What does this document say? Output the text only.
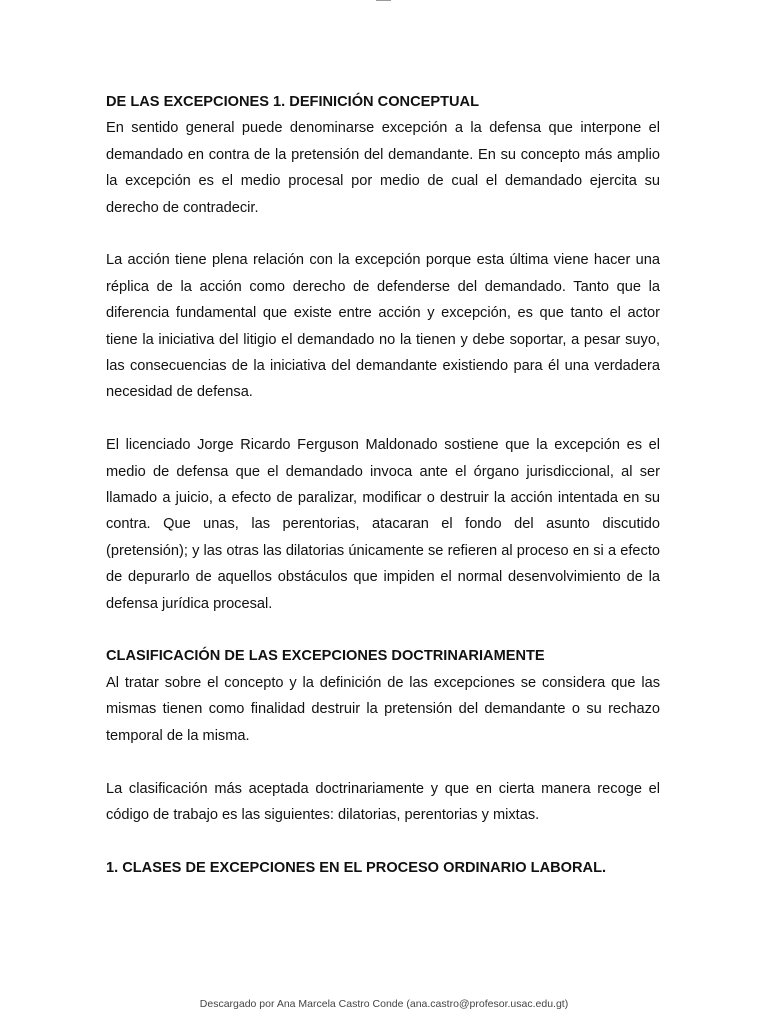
DE LAS EXCEPCIONES 1. DEFINICIÓN CONCEPTUAL

En sentido general puede denominarse excepción a la defensa que interpone el demandado en contra de la pretensión del demandante. En su concepto más amplio la excepción es el medio procesal por medio de cual el demandado ejercita su derecho de contradecir.

La acción tiene plena relación con la excepción porque esta última viene hacer una réplica de la acción como derecho de defenderse del demandado. Tanto que la diferencia fundamental que existe entre acción y excepción, es que tanto el actor tiene la iniciativa del litigio el demandado no la tienen y debe soportar, a pesar suyo, las consecuencias de la iniciativa del demandante existiendo para él una verdadera necesidad de defensa.

El licenciado Jorge Ricardo Ferguson Maldonado sostiene que la excepción es el medio de defensa que el demandado invoca ante el órgano jurisdiccional, al ser llamado a juicio, a efecto de paralizar, modificar o destruir la acción intentada en su contra. Que unas, las perentorias, atacaran el fondo del asunto discutido (pretensión); y las otras las dilatorias únicamente se refieren al proceso en si a efecto de depurarlo de aquellos obstáculos que impiden el normal desenvolvimiento de la defensa jurídica procesal.

CLASIFICACIÓN DE LAS EXCEPCIONES DOCTRINARIAMENTE

Al tratar sobre el concepto y la definición de las excepciones se considera que las mismas tienen como finalidad destruir la pretensión del demandante o su rechazo temporal de la misma.

La clasificación más aceptada doctrinariamente y que en cierta manera recoge el código de trabajo es las siguientes: dilatorias, perentorias y mixtas.

1. CLASES DE EXCEPCIONES EN EL PROCESO ORDINARIO LABORAL.
Descargado por Ana Marcela Castro Conde (ana.castro@profesor.usac.edu.gt)
